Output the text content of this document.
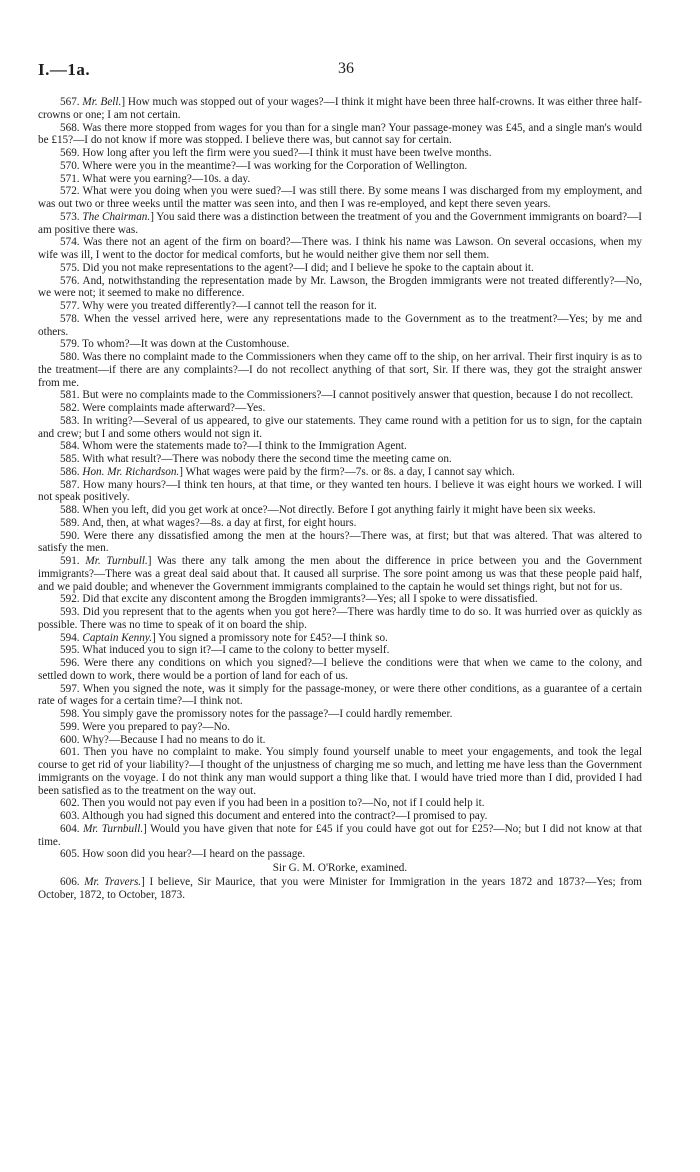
I.—1a.	36

567. Mr. Bell.] How much was stopped out of your wages?—I think it might have been three half-crowns. It was either three half-crowns or one; I am not certain.

568. Was there more stopped from wages for you than for a single man? Your passage-money was £45, and a single man's would be £15?—I do not know if more was stopped. I believe there was, but cannot say for certain.

569. How long after you left the firm were you sued?—I think it must have been twelve months.

570. Where were you in the meantime?—I was working for the Corporation of Wellington.

571. What were you earning?—10s. a day.

572. What were you doing when you were sued?—I was still there. By some means I was discharged from my employment, and was out two or three weeks until the matter was seen into, and then I was re-employed, and kept there seven years.

573. The Chairman.] You said there was a distinction between the treatment of you and the Government immigrants on board?—I am positive there was.

574. Was there not an agent of the firm on board?—There was. I think his name was Lawson. On several occasions, when my wife was ill, I went to the doctor for medical comforts, but he would neither give them nor sell them.

575. Did you not make representations to the agent?—I did; and I believe he spoke to the captain about it.

576. And, notwithstanding the representation made by Mr. Lawson, the Brogden immigrants were not treated differently?—No, we were not; it seemed to make no difference.

577. Why were you treated differently?—I cannot tell the reason for it.

578. When the vessel arrived here, were any representations made to the Government as to the treatment?—Yes; by me and others.

579. To whom?—It was down at the Customhouse.

580. Was there no complaint made to the Commissioners when they came off to the ship, on her arrival. Their first inquiry is as to the treatment—if there are any complaints?—I do not recollect anything of that sort, Sir. If there was, they got the straight answer from me.

581. But were no complaints made to the Commissioners?—I cannot positively answer that question, because I do not recollect.

582. Were complaints made afterward?—Yes.

583. In writing?—Several of us appeared, to give our statements. They came round with a petition for us to sign, for the captain and crew; but I and some others would not sign it.

584. Whom were the statements made to?—I think to the Immigration Agent.

585. With what result?—There was nobody there the second time the meeting came on.

586. Hon. Mr. Richardson.] What wages were paid by the firm?—7s. or 8s. a day, I cannot say which.

587. How many hours?—I think ten hours, at that time, or they wanted ten hours. I believe it was eight hours we worked. I will not speak positively.

588. When you left, did you get work at once?—Not directly. Before I got anything fairly it might have been six weeks.

589. And, then, at what wages?—8s. a day at first, for eight hours.

590. Were there any dissatisfied among the men at the hours?—There was, at first; but that was altered. That was altered to satisfy the men.

591. Mr. Turnbull.] Was there any talk among the men about the difference in price between you and the Government immigrants?—There was a great deal said about that. It caused all surprise. The sore point among us was that these people paid half, and we paid double; and whenever the Government immigrants complained to the captain he would set things right, but not for us.

592. Did that excite any discontent among the Brogden immigrants?—Yes; all I spoke to were dissatisfied.

593. Did you represent that to the agents when you got here?—There was hardly time to do so. It was hurried over as quickly as possible. There was no time to speak of it on board the ship.

594. Captain Kenny.] You signed a promissory note for £45?—I think so.

595. What induced you to sign it?—I came to the colony to better myself.

596. Were there any conditions on which you signed?—I believe the conditions were that when we came to the colony, and settled down to work, there would be a portion of land for each of us.

597. When you signed the note, was it simply for the passage-money, or were there other conditions, as a guarantee of a certain rate of wages for a certain time?—I think not.

598. You simply gave the promissory notes for the passage?—I could hardly remember.

599. Were you prepared to pay?—No.

600. Why?—Because I had no means to do it.

601. Then you have no complaint to make. You simply found yourself unable to meet your engagements, and took the legal course to get rid of your liability?—I thought of the unjustness of charging me so much, and letting me have less than the Government immigrants on the voyage. I do not think any man would support a thing like that. I would have tried more than I did, provided I had been satisfied as to the treatment on the way out.

602. Then you would not pay even if you had been in a position to?—No, not if I could help it.

603. Although you had signed this document and entered into the contract?—I promised to pay.

604. Mr. Turnbull.] Would you have given that note for £45 if you could have got out for £25?—No; but I did not know at that time.

605. How soon did you hear?—I heard on the passage.

Sir G. M. O'Rorke, examined.

606. Mr. Travers.] I believe, Sir Maurice, that you were Minister for Immigration in the years 1872 and 1873?—Yes; from October, 1872, to October, 1873.
